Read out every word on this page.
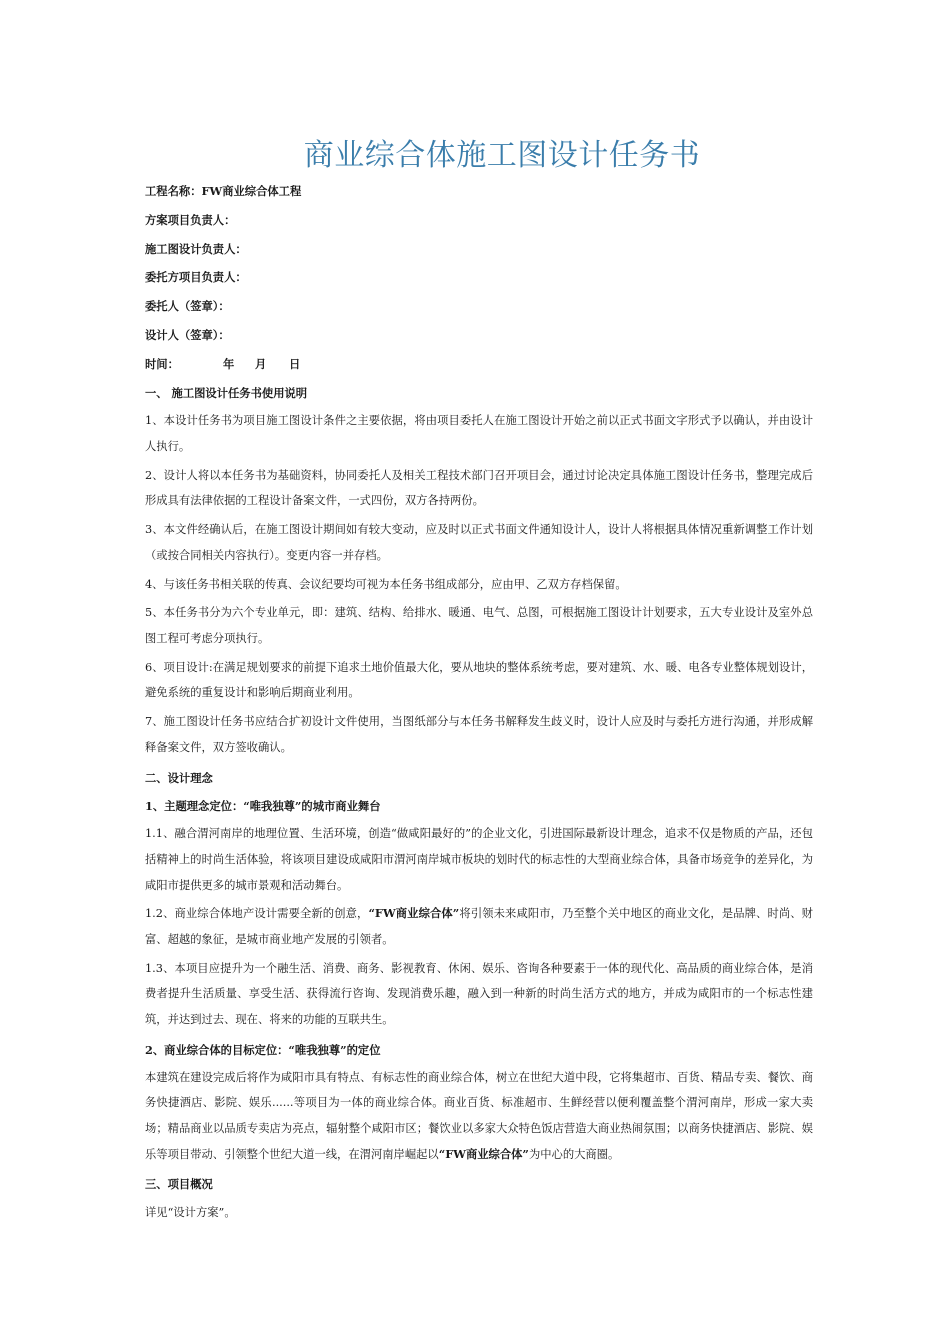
商业综合体施工图设计任务书
工程名称：FW商业综合体工程
方案项目负责人：
施工图设计负责人：
委托方项目负责人：
委托人（签章）：
设计人（签章）：
时间：	年 月 日
一、 施工图设计任务书使用说明
1、本设计任务书为项目施工图设计条件之主要依据，将由项目委托人在施工图设计开始之前以正式书面文字形式予以确认，并由设计人执行。
2、设计人将以本任务书为基础资料，协同委托人及相关工程技术部门召开项目会，通过讨论决定具体施工图设计任务书，整理完成后形成具有法律依据的工程设计备案文件，一式四份，双方各持两份。
3、本文件经确认后，在施工图设计期间如有较大变动，应及时以正式书面文件通知设计人，设计人将根据具体情况重新调整工作计划（或按合同相关内容执行）。变更内容一并存档。
4、与该任务书相关联的传真、会议纪要均可视为本任务书组成部分，应由甲、乙双方存档保留。
5、本任务书分为六个专业单元，即：建筑、结构、给排水、暖通、电气、总图，可根据施工图设计计划要求，五大专业设计及室外总图工程可考虑分项执行。
6、项目设计:在满足规划要求的前提下追求土地价值最大化，要从地块的整体系统考虑，要对建筑、水、暖、电各专业整体规划设计，避免系统的重复设计和影响后期商业利用。
7、施工图设计任务书应结合扩初设计文件使用，当图纸部分与本任务书解释发生歧义时，设计人应及时与委托方进行沟通，并形成解释备案文件，双方签收确认。
二、设计理念
1、主题理念定位：“唯我独尊”的城市商业舞台
1.1、融合渭河南岸的地理位置、生活环境，创造“做咸阳最好的”的企业文化，引进国际最新设计理念，追求不仅是物质的产品，还包括精神上的时尚生活体验，将该项目建设成咸阳市渭河南岸城市板块的划时代的标志性的大型商业综合体，具备市场竞争的差异化，为咸阳市提供更多的城市景观和活动舞台。
1.2、商业综合体地产设计需要全新的创意，“FW商业综合体”将引领未来咸阳市，乃至整个关中地区的商业文化，是品牌、时尚、财富、超越的象征，是城市商业地产发展的引领者。
1.3、本项目应提升为一个融生活、消费、商务、影视教育、休闲、娱乐、咨询各种要素于一体的现代化、高品质的商业综合体，是消费者提升生活质量、享受生活、获得流行咨询、发现消费乐趣，融入到一种新的时尚生活方式的地方，并成为咸阳市的一个标志性建筑，并达到过去、现在、将来的功能的互联共生。
2、商业综合体的目标定位：“唯我独尊”的定位
本建筑在建设完成后将作为咸阳市具有特点、有标志性的商业综合体，树立在世纪大道中段，它将集超市、百货、精品专卖、餐饮、商务快捷酒店、影院、娱乐......等项目为一体的商业综合体。商业百货、标准超市、生鲜经营以便利覆盖整个渭河南岸，形成一家大卖场；精品商业以品质专卖店为亮点，辐射整个咸阳市区；餐饮业以多家大众特色饭店营造大商业热闹氛围；以商务快捷酒店、影院、娱乐等项目带动、引领整个世纪大道一线，在渭河南岸崛起以“FW商业综合体”为中心的大商圈。
三、项目概况
详见“设计方案”。
